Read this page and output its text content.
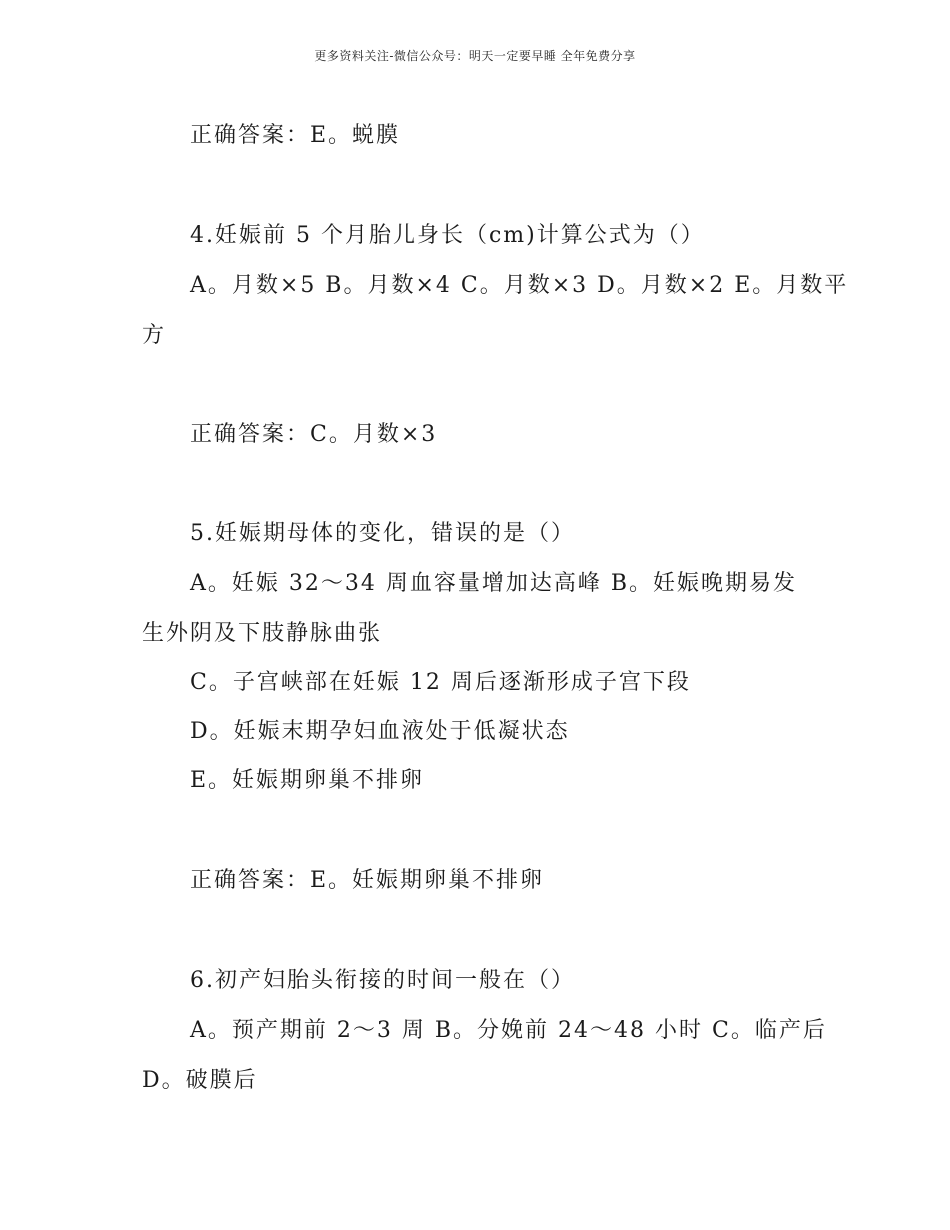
更多资料关注-微信公众号：明天一定要早睡 全年免费分享
正确答案：E。蜕膜
4.妊娠前 5 个月胎儿身长（cm)计算公式为（）
A。月数×5 B。月数×4 C。月数×3 D。月数×2 E。月数平
方
正确答案：C。月数×3
5.妊娠期母体的变化，错误的是（）
A。妊娠 32～34 周血容量增加达高峰 B。妊娠晚期易发
生外阴及下肢静脉曲张
C。子宫峡部在妊娠 12 周后逐渐形成子宫下段
D。妊娠末期孕妇血液处于低凝状态
E。妊娠期卵巢不排卵
正确答案：E。妊娠期卵巢不排卵
6.初产妇胎头衔接的时间一般在（）
A。预产期前 2～3 周 B。分娩前 24～48 小时 C。临产后
D。破膜后
